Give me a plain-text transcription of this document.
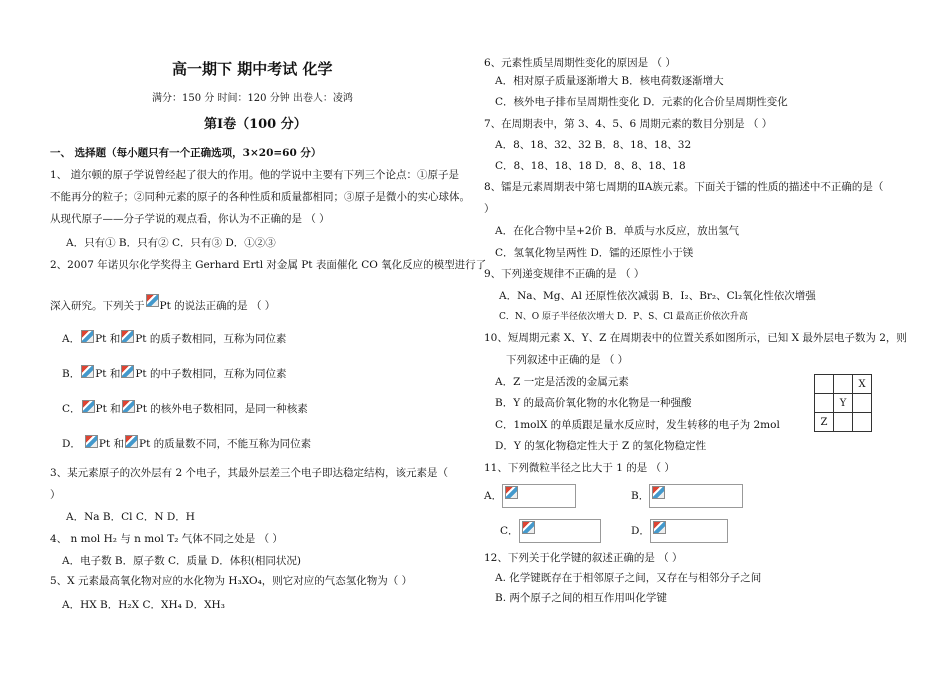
高一期下 期中考试 化学
满分：150 分 时间：120 分钟 出卷人：凌鸿
第Ⅰ卷（100 分）
一、 选择题（每小题只有一个正确选项，3×20=60 分）
1、 道尔顿的原子学说曾经起了很大的作用。他的学说中主要有下列三个论点：①原子是
不能再分的粒子；②同种元素的原子的各种性质和质量都相同；③原子是微小的实心球体。
从现代原子——分子学说的观点看，你认为不正确的是 （ ）
A．只有① B．只有② C．只有③ D．①②③
2、2007 年诺贝尔化学奖得主 Gerhard Ertl 对金属 Pt 表面催化 CO 氧化反应的模型进行了
深入研究。下列关于 Pt 的说法正确的是 （ ）
A． Pt 和 Pt 的质子数相同，互称为同位素
B． Pt 和 Pt 的中子数相同，互称为同位素
C． Pt 和 Pt 的核外电子数相同，是同一种核素
D． Pt 和 Pt 的质量数不同，不能互称为同位素
3、某元素原子的次外层有 2 个电子，其最外层差三个电子即达稳定结构，该元素是（
）
A．Na B．Cl C．N D．H
4、 n mol H₂ 与 n mol T₂ 气体不同之处是 （ ）
A．电子数 B．原子数 C．质量 D．体积(相同状况)
5、X 元素最高氧化物对应的水化物为 H₃XO₄，则它对应的气态氢化物为（ ）
A．HX B．H₂X C．XH₄ D．XH₃
6、元素性质呈周期性变化的原因是 （ ）
A．相对原子质量逐渐增大 B．核电荷数逐渐增大
C．核外电子排布呈周期性变化 D．元素的化合价呈周期性变化
7、在周期表中，第 3、4、5、6 周期元素的数目分别是 （ ）
A．8、18、32、32 B．8、18、18、32
C．8、18、18、18 D．8、8、18、18
8、镭是元素周期表中第七周期的ⅡA族元素。下面关于镭的性质的描述中不正确的是（
）
A．在化合物中呈+2价 B．单质与水反应，放出氢气
C．氢氧化物呈两性 D．镭的还原性小于镁
9、下列递变规律不正确的是 （ ）
A．Na、Mg、Al 还原性依次减弱 B．I₂、Br₂、Cl₂氧化性依次增强
C．N、O 原子半径依次增大 D．P、S、Cl 最高正价依次升高
10、短周期元素 X、Y、Z 在周期表中的位置关系如图所示，已知 X 最外层电子数为 2，则
下列叙述中正确的是 （ ）
A．Z 一定是活泼的金属元素
B．Y 的最高价氧化物的水化物是一种强酸
C．1molX 的单质跟足量水反应时，发生转移的电子为 2mol
D．Y 的氢化物稳定性大于 Z 的氢化物稳定性
		X
	Y	
Z		
11、下列微粒半径之比大于 1 的是 （ ）
A．	B．
C．	D．
12、下列关于化学键的叙述正确的是 （ ）
A. 化学键既存在于相邻原子之间，又存在与相邻分子之间
B. 两个原子之间的相互作用叫化学键
